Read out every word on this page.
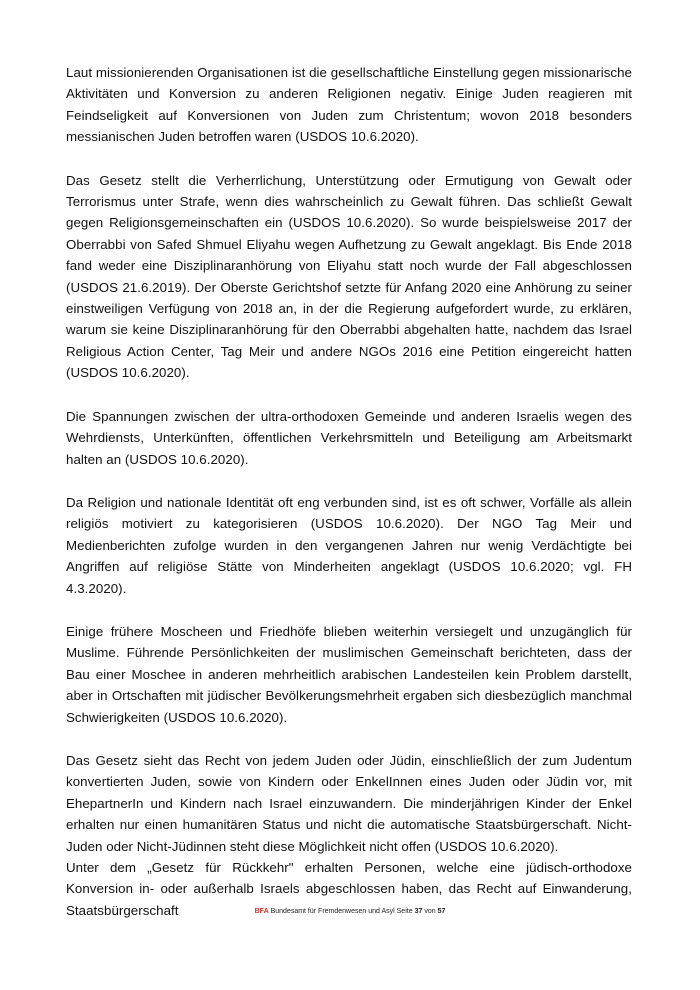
Laut missionierenden Organisationen ist die gesellschaftliche Einstellung gegen missionarische Aktivitäten und Konversion zu anderen Religionen negativ. Einige Juden reagieren mit Feindseligkeit auf Konversionen von Juden zum Christentum; wovon 2018 besonders messianischen Juden betroffen waren (USDOS 10.6.2020).

Das Gesetz stellt die Verherrlichung, Unterstützung oder Ermutigung von Gewalt oder Terrorismus unter Strafe, wenn dies wahrscheinlich zu Gewalt führen. Das schließt Gewalt gegen Religionsgemeinschaften ein (USDOS 10.6.2020). So wurde beispielsweise 2017 der Oberrabbi von Safed Shmuel Eliyahu wegen Aufhetzung zu Gewalt angeklagt. Bis Ende 2018 fand weder eine Disziplinaranhörung von Eliyahu statt noch wurde der Fall abgeschlossen (USDOS 21.6.2019). Der Oberste Gerichtshof setzte für Anfang 2020 eine Anhörung zu seiner einstweiligen Verfügung von 2018 an, in der die Regierung aufgefordert wurde, zu erklären, warum sie keine Disziplinaranhörung für den Oberrabbi abgehalten hatte, nachdem das Israel Religious Action Center, Tag Meir und andere NGOs 2016 eine Petition eingereicht hatten (USDOS 10.6.2020).

Die Spannungen zwischen der ultra-orthodoxen Gemeinde und anderen Israelis wegen des Wehrdiensts, Unterkünften, öffentlichen Verkehrsmitteln und Beteiligung am Arbeitsmarkt halten an (USDOS 10.6.2020).

Da Religion und nationale Identität oft eng verbunden sind, ist es oft schwer, Vorfälle als allein religiös motiviert zu kategorisieren (USDOS 10.6.2020). Der NGO Tag Meir und Medienberichten zufolge wurden in den vergangenen Jahren nur wenig Verdächtigte bei Angriffen auf religiöse Stätte von Minderheiten angeklagt (USDOS 10.6.2020; vgl. FH 4.3.2020).

Einige frühere Moscheen und Friedhöfe blieben weiterhin versiegelt und unzugänglich für Muslime. Führende Persönlichkeiten der muslimischen Gemeinschaft berichteten, dass der Bau einer Moschee in anderen mehrheitlich arabischen Landesteilen kein Problem darstellt, aber in Ortschaften mit jüdischer Bevölkerungsmehrheit ergaben sich diesbezüglich manchmal Schwierigkeiten (USDOS 10.6.2020).

Das Gesetz sieht das Recht von jedem Juden oder Jüdin, einschließlich der zum Judentum konvertierten Juden, sowie von Kindern oder EnkelInnen eines Juden oder Jüdin vor, mit EhepartnerIn und Kindern nach Israel einzuwandern. Die minderjährigen Kinder der Enkel erhalten nur einen humanitären Status und nicht die automatische Staatsbürgerschaft. Nicht-Juden oder Nicht-Jüdinnen steht diese Möglichkeit nicht offen (USDOS 10.6.2020).

Unter dem „Gesetz für Rückkehr" erhalten Personen, welche eine jüdisch-orthodoxe Konversion in- oder außerhalb Israels abgeschlossen haben, das Recht auf Einwanderung, Staatsbürgerschaft	BFA Bundesamt für Fremdenwesen und Asyl Seite 37 von 57
